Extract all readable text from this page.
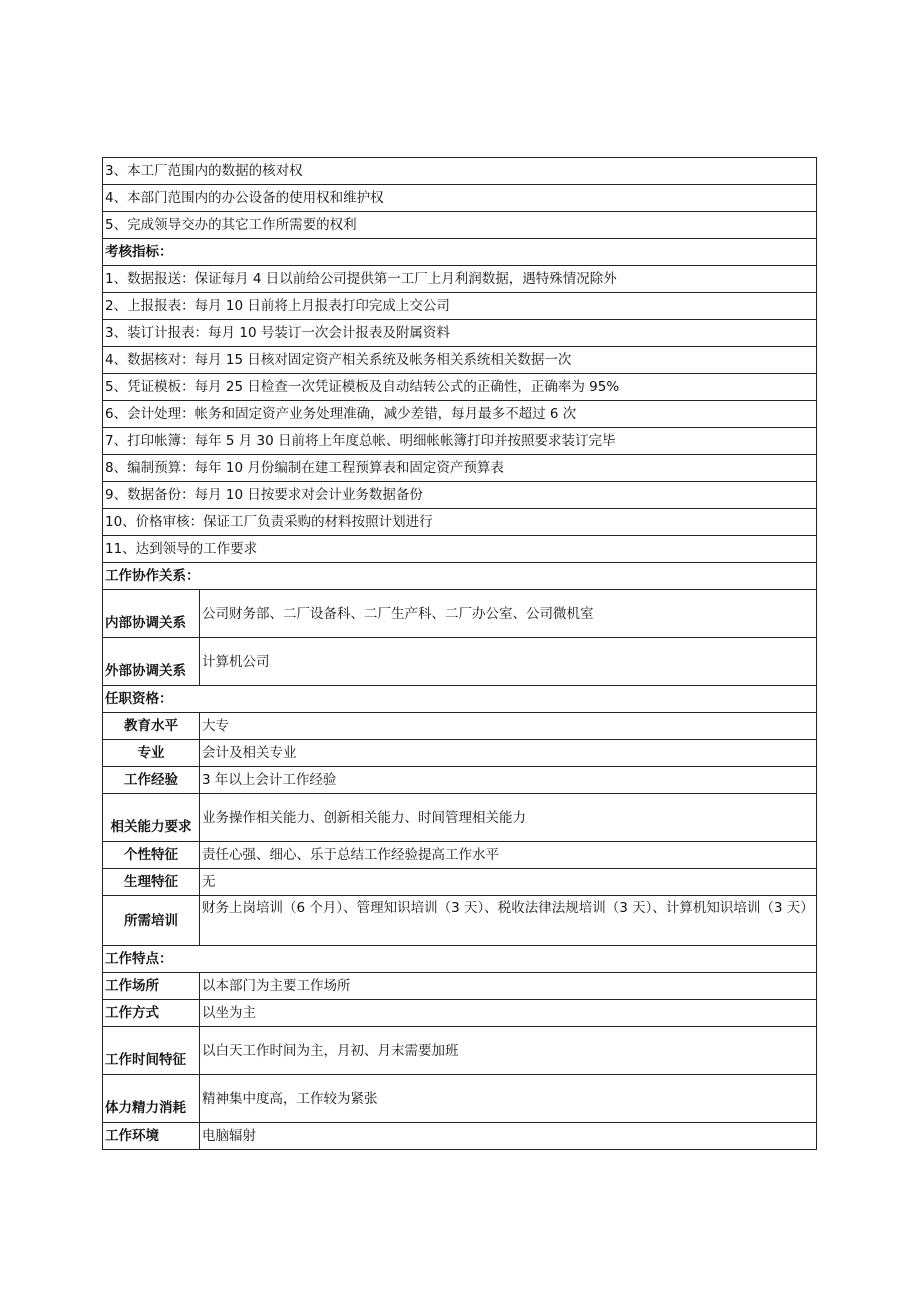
3、本工厂范围内的数据的核对权	
4、本部门范围内的办公设备的使用权和维护权	
5、完成领导交办的其它工作所需要的权利	
考核指标：	
1、数据报送：保证每月 4 日以前给公司提供第一工厂上月利润数据，遇特殊情况除外	
2、上报报表：每月 10 日前将上月报表打印完成上交公司	
3、装订计报表：每月 10 号装订一次会计报表及附属资料	
4、数据核对：每月 15 日核对固定资产相关系统及帐务相关系统相关数据一次	
5、凭证模板：每月 25 日检查一次凭证模板及自动结转公式的正确性，正确率为 95%	
6、会计处理：帐务和固定资产业务处理准确，减少差错，每月最多不超过 6 次	
7、打印帐簿：每年 5 月 30 日前将上年度总帐、明细帐帐簿打印并按照要求装订完毕	
8、编制预算：每年 10 月份编制在建工程预算表和固定资产预算表	
9、数据备份：每月 10 日按要求对会计业务数据备份	
10、价格审核：保证工厂负责采购的材料按照计划进行	
11、达到领导的工作要求	
工作协作关系：	
内部协调关系	公司财务部、二厂设备科、二厂生产科、二厂办公室、公司微机室
外部协调关系	计算机公司
任职资格：	
教育水平	大专
专业	会计及相关专业
工作经验	3 年以上会计工作经验
相关能力要求	业务操作相关能力、创新相关能力、时间管理相关能力
个性特征	责任心强、细心、乐于总结工作经验提高工作水平
生理特征	无
所需培训	财务上岗培训（6 个月）、管理知识培训（3 天）、税收法律法规培训（3 天）、计算机知识培训（3 天）
工作特点：	
工作场所	以本部门为主要工作场所
工作方式	以坐为主
工作时间特征	以白天工作时间为主，月初、月末需要加班
体力精力消耗	精神集中度高，工作较为紧张
工作环境	电脑辐射
